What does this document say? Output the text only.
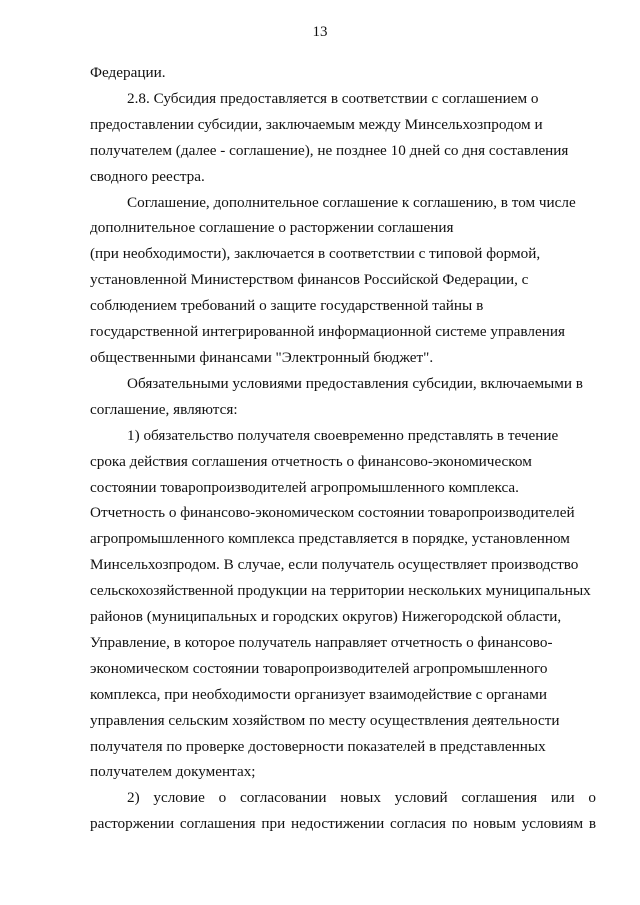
13

Федерации.

2.8. Субсидия предоставляется в соответствии с соглашением о
предоставлении субсидии, заключаемым между Минсельхозпродом и
получателем (далее - соглашение), не позднее 10 дней со дня составления
сводного реестра.

Соглашение, дополнительное соглашение к соглашению, в том числе
дополнительное соглашение о расторжении соглашения
(при необходимости), заключается в соответствии с типовой формой,
установленной Министерством финансов Российской Федерации, с
соблюдением требований о защите государственной тайны в
государственной интегрированной информационной системе управления
общественными финансами "Электронный бюджет".

Обязательными условиями предоставления субсидии, включаемыми в
соглашение, являются:

1) обязательство получателя своевременно представлять в течение
срока действия соглашения отчетность о финансово-экономическом
состоянии товаропроизводителей агропромышленного комплекса.
Отчетность о финансово-экономическом состоянии товаропроизводителей
агропромышленного комплекса представляется в порядке, установленном
Минсельхозпродом. В случае, если получатель осуществляет производство
сельскохозяйственной продукции на территории нескольких муниципальных
районов (муниципальных и городских округов) Нижегородской области,
Управление, в которое получатель направляет отчетность о финансово-
экономическом состоянии товаропроизводителей агропромышленного
комплекса, при необходимости организует взаимодействие с органами
управления сельским хозяйством по месту осуществления деятельности
получателя по проверке достоверности показателей в представленных
получателем документах;

2) условие о согласовании новых условий соглашения или о
расторжении соглашения при недостижении согласия по новым условиям в
